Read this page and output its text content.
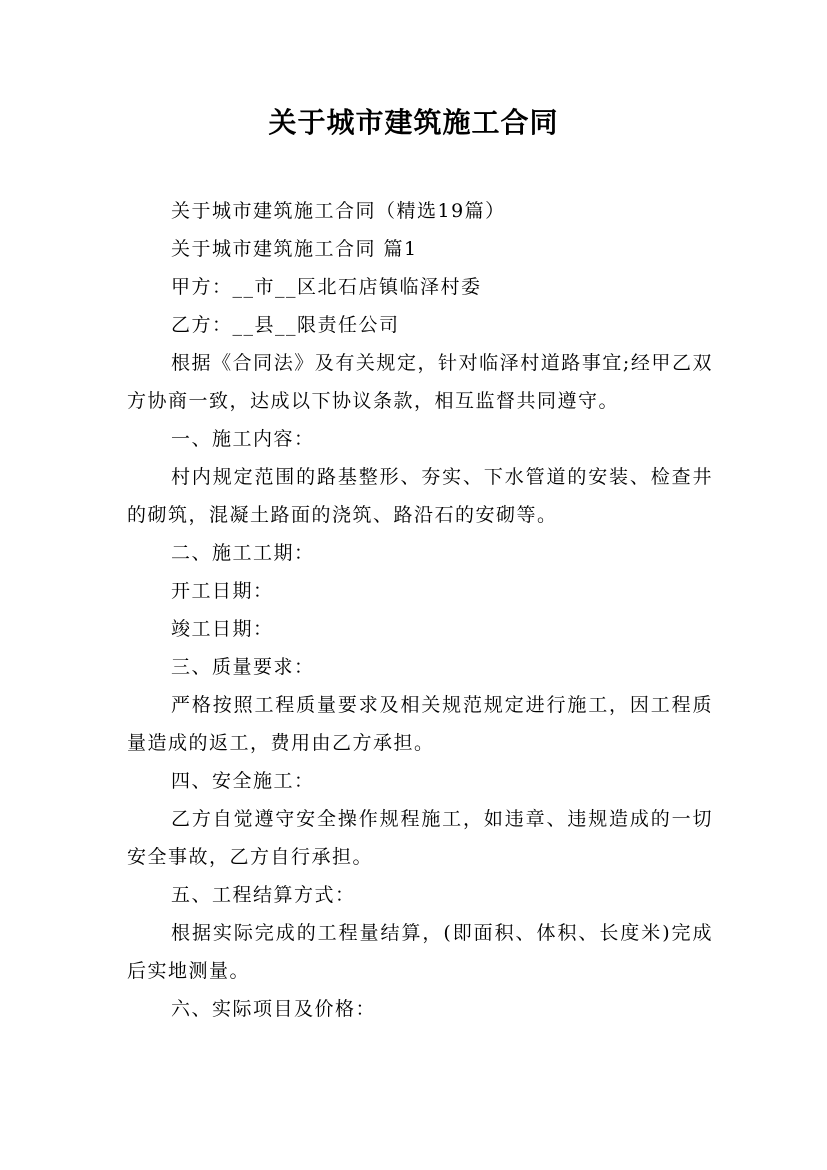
关于城市建筑施工合同

关于城市建筑施工合同（精选19篇）

关于城市建筑施工合同 篇1

甲方：__市__区北石店镇临泽村委

乙方：__县__限责任公司

根据《合同法》及有关规定，针对临泽村道路事宜;经甲乙双方协商一致，达成以下协议条款，相互监督共同遵守。

一、施工内容：

村内规定范围的路基整形、夯实、下水管道的安装、检查井的砌筑，混凝土路面的浇筑、路沿石的安砌等。

二、施工工期：

开工日期：

竣工日期：

三、质量要求：

严格按照工程质量要求及相关规范规定进行施工，因工程质量造成的返工，费用由乙方承担。

四、安全施工：

乙方自觉遵守安全操作规程施工，如违章、违规造成的一切安全事故，乙方自行承担。

五、工程结算方式：

根据实际完成的工程量结算，(即面积、体积、长度米)完成后实地测量。

六、实际项目及价格：
